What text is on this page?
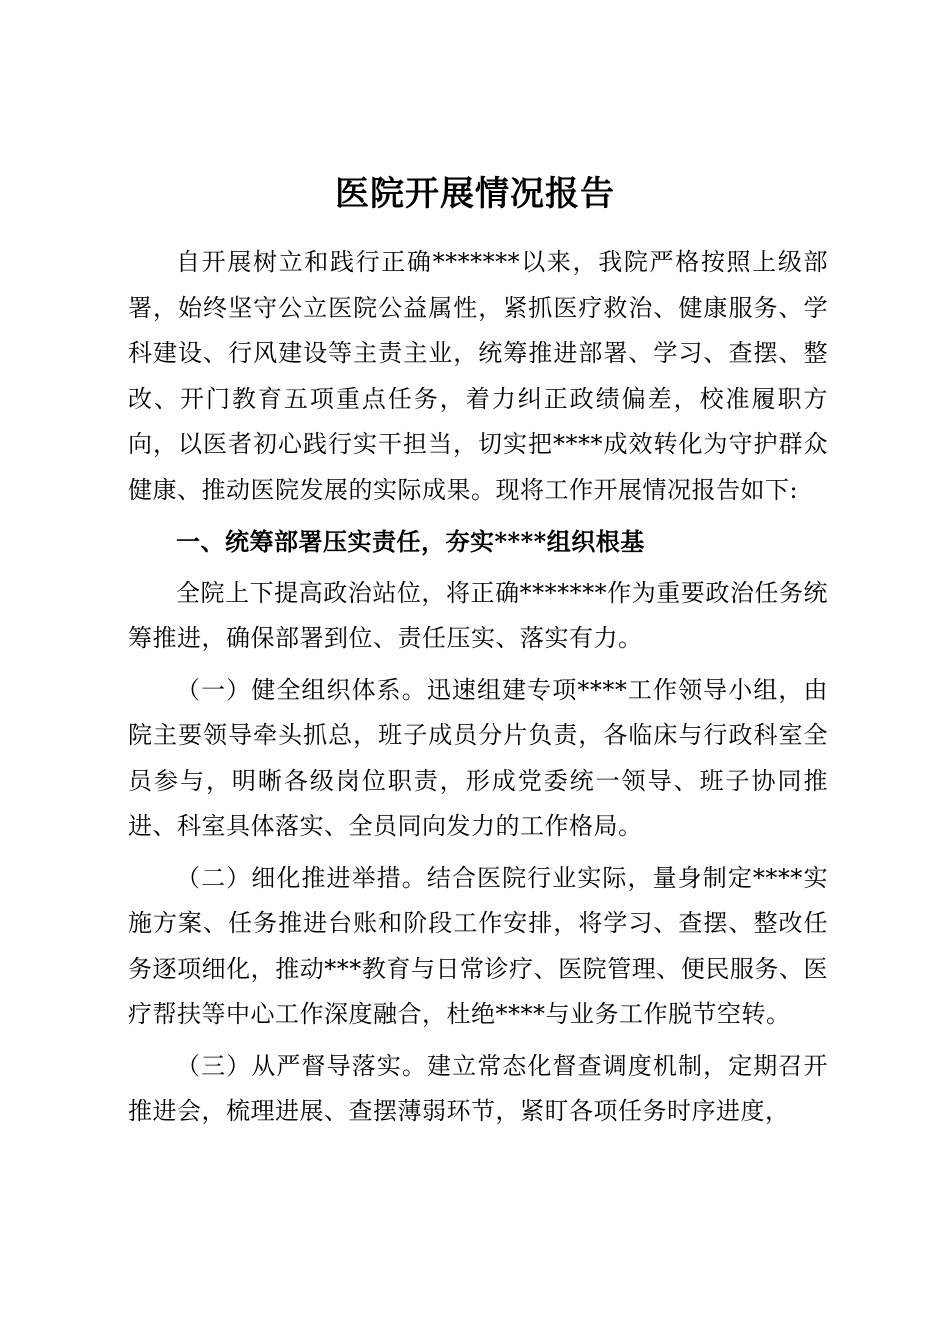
医院开展情况报告

自开展树立和践行正确*******以来，我院严格按照上级部署，始终坚守公立医院公益属性，紧抓医疗救治、健康服务、学科建设、行风建设等主责主业，统筹推进部署、学习、查摆、整改、开门教育五项重点任务，着力纠正政绩偏差，校准履职方向，以医者初心践行实干担当，切实把****成效转化为守护群众健康、推动医院发展的实际成果。现将工作开展情况报告如下:

一、统筹部署压实责任，夯实****组织根基

全院上下提高政治站位，将正确*******作为重要政治任务统筹推进，确保部署到位、责任压实、落实有力。

（一）健全组织体系。迅速组建专项****工作领导小组，由院主要领导牵头抓总，班子成员分片负责，各临床与行政科室全员参与，明晰各级岗位职责，形成党委统一领导、班子协同推进、科室具体落实、全员同向发力的工作格局。

（二）细化推进举措。结合医院行业实际，量身制定****实施方案、任务推进台账和阶段工作安排，将学习、查摆、整改任务逐项细化，推动***教育与日常诊疗、医院管理、便民服务、医疗帮扶等中心工作深度融合，杜绝****与业务工作脱节空转。

（三）从严督导落实。建立常态化督查调度机制，定期召开推进会，梳理进展、查摆薄弱环节，紧盯各项任务时序进度，
